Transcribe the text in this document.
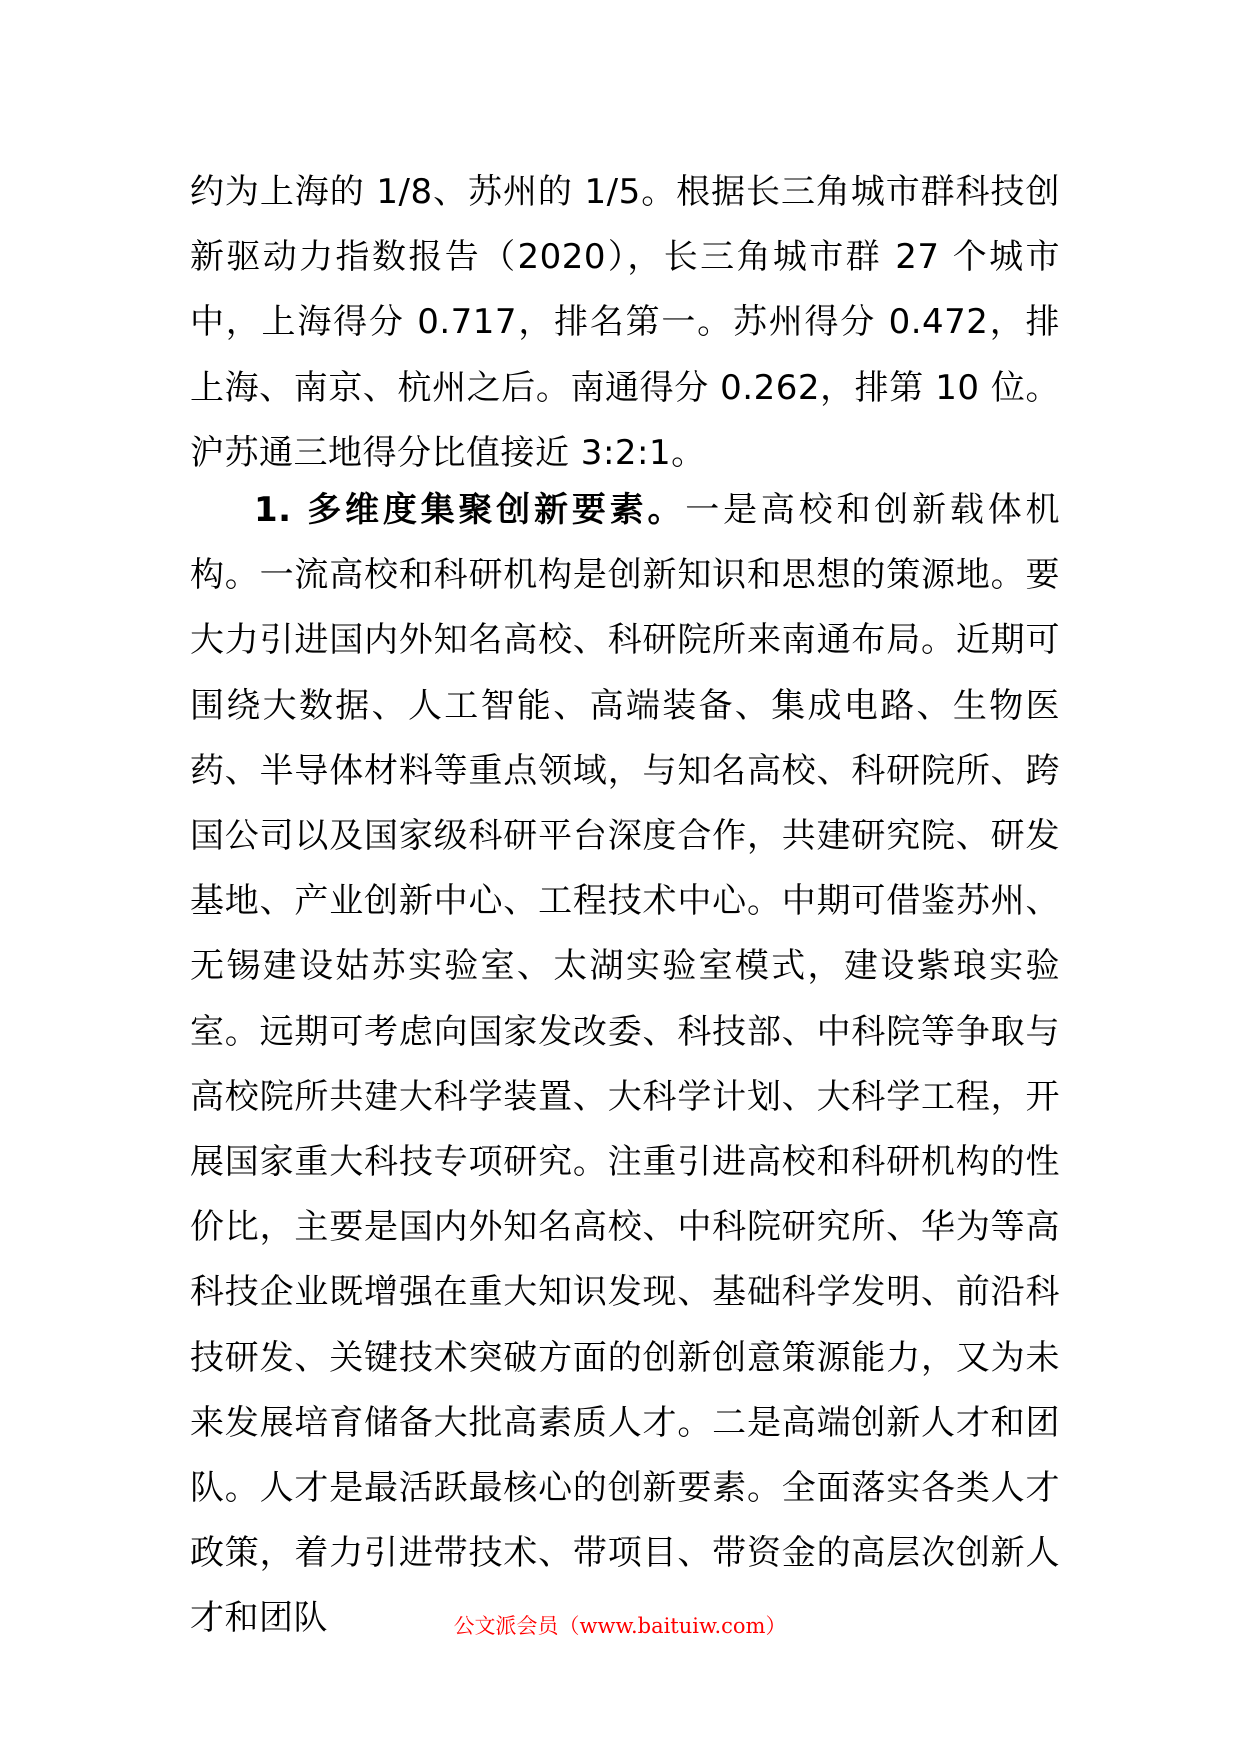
约为上海的 1/8、苏州的 1/5。根据长三角城市群科技创新驱动力指数报告（2020），长三角城市群 27 个城市中，上海得分 0.717，排名第一。苏州得分 0.472，排上海、南京、杭州之后。南通得分 0.262，排第 10 位。沪苏通三地得分比值接近 3:2:1。

1. 多维度集聚创新要素。一是高校和创新载体机构。一流高校和科研机构是创新知识和思想的策源地。要大力引进国内外知名高校、科研院所来南通布局。近期可围绕大数据、人工智能、高端装备、集成电路、生物医药、半导体材料等重点领域，与知名高校、科研院所、跨国公司以及国家级科研平台深度合作，共建研究院、研发基地、产业创新中心、工程技术中心。中期可借鉴苏州、无锡建设姑苏实验室、太湖实验室模式，建设紫琅实验室。远期可考虑向国家发改委、科技部、中科院等争取与高校院所共建大科学装置、大科学计划、大科学工程，开展国家重大科技专项研究。注重引进高校和科研机构的性价比，主要是国内外知名高校、中科院研究所、华为等高科技企业既增强在重大知识发现、基础科学发明、前沿科技研发、关键技术突破方面的创新创意策源能力，又为未来发展培育储备大批高素质人才。二是高端创新人才和团队。人才是最活跃最核心的创新要素。全面落实各类人才政策，着力引进带技术、带项目、带资金的高层次创新人才和团队	公文派会员（www.baituiw.com）
